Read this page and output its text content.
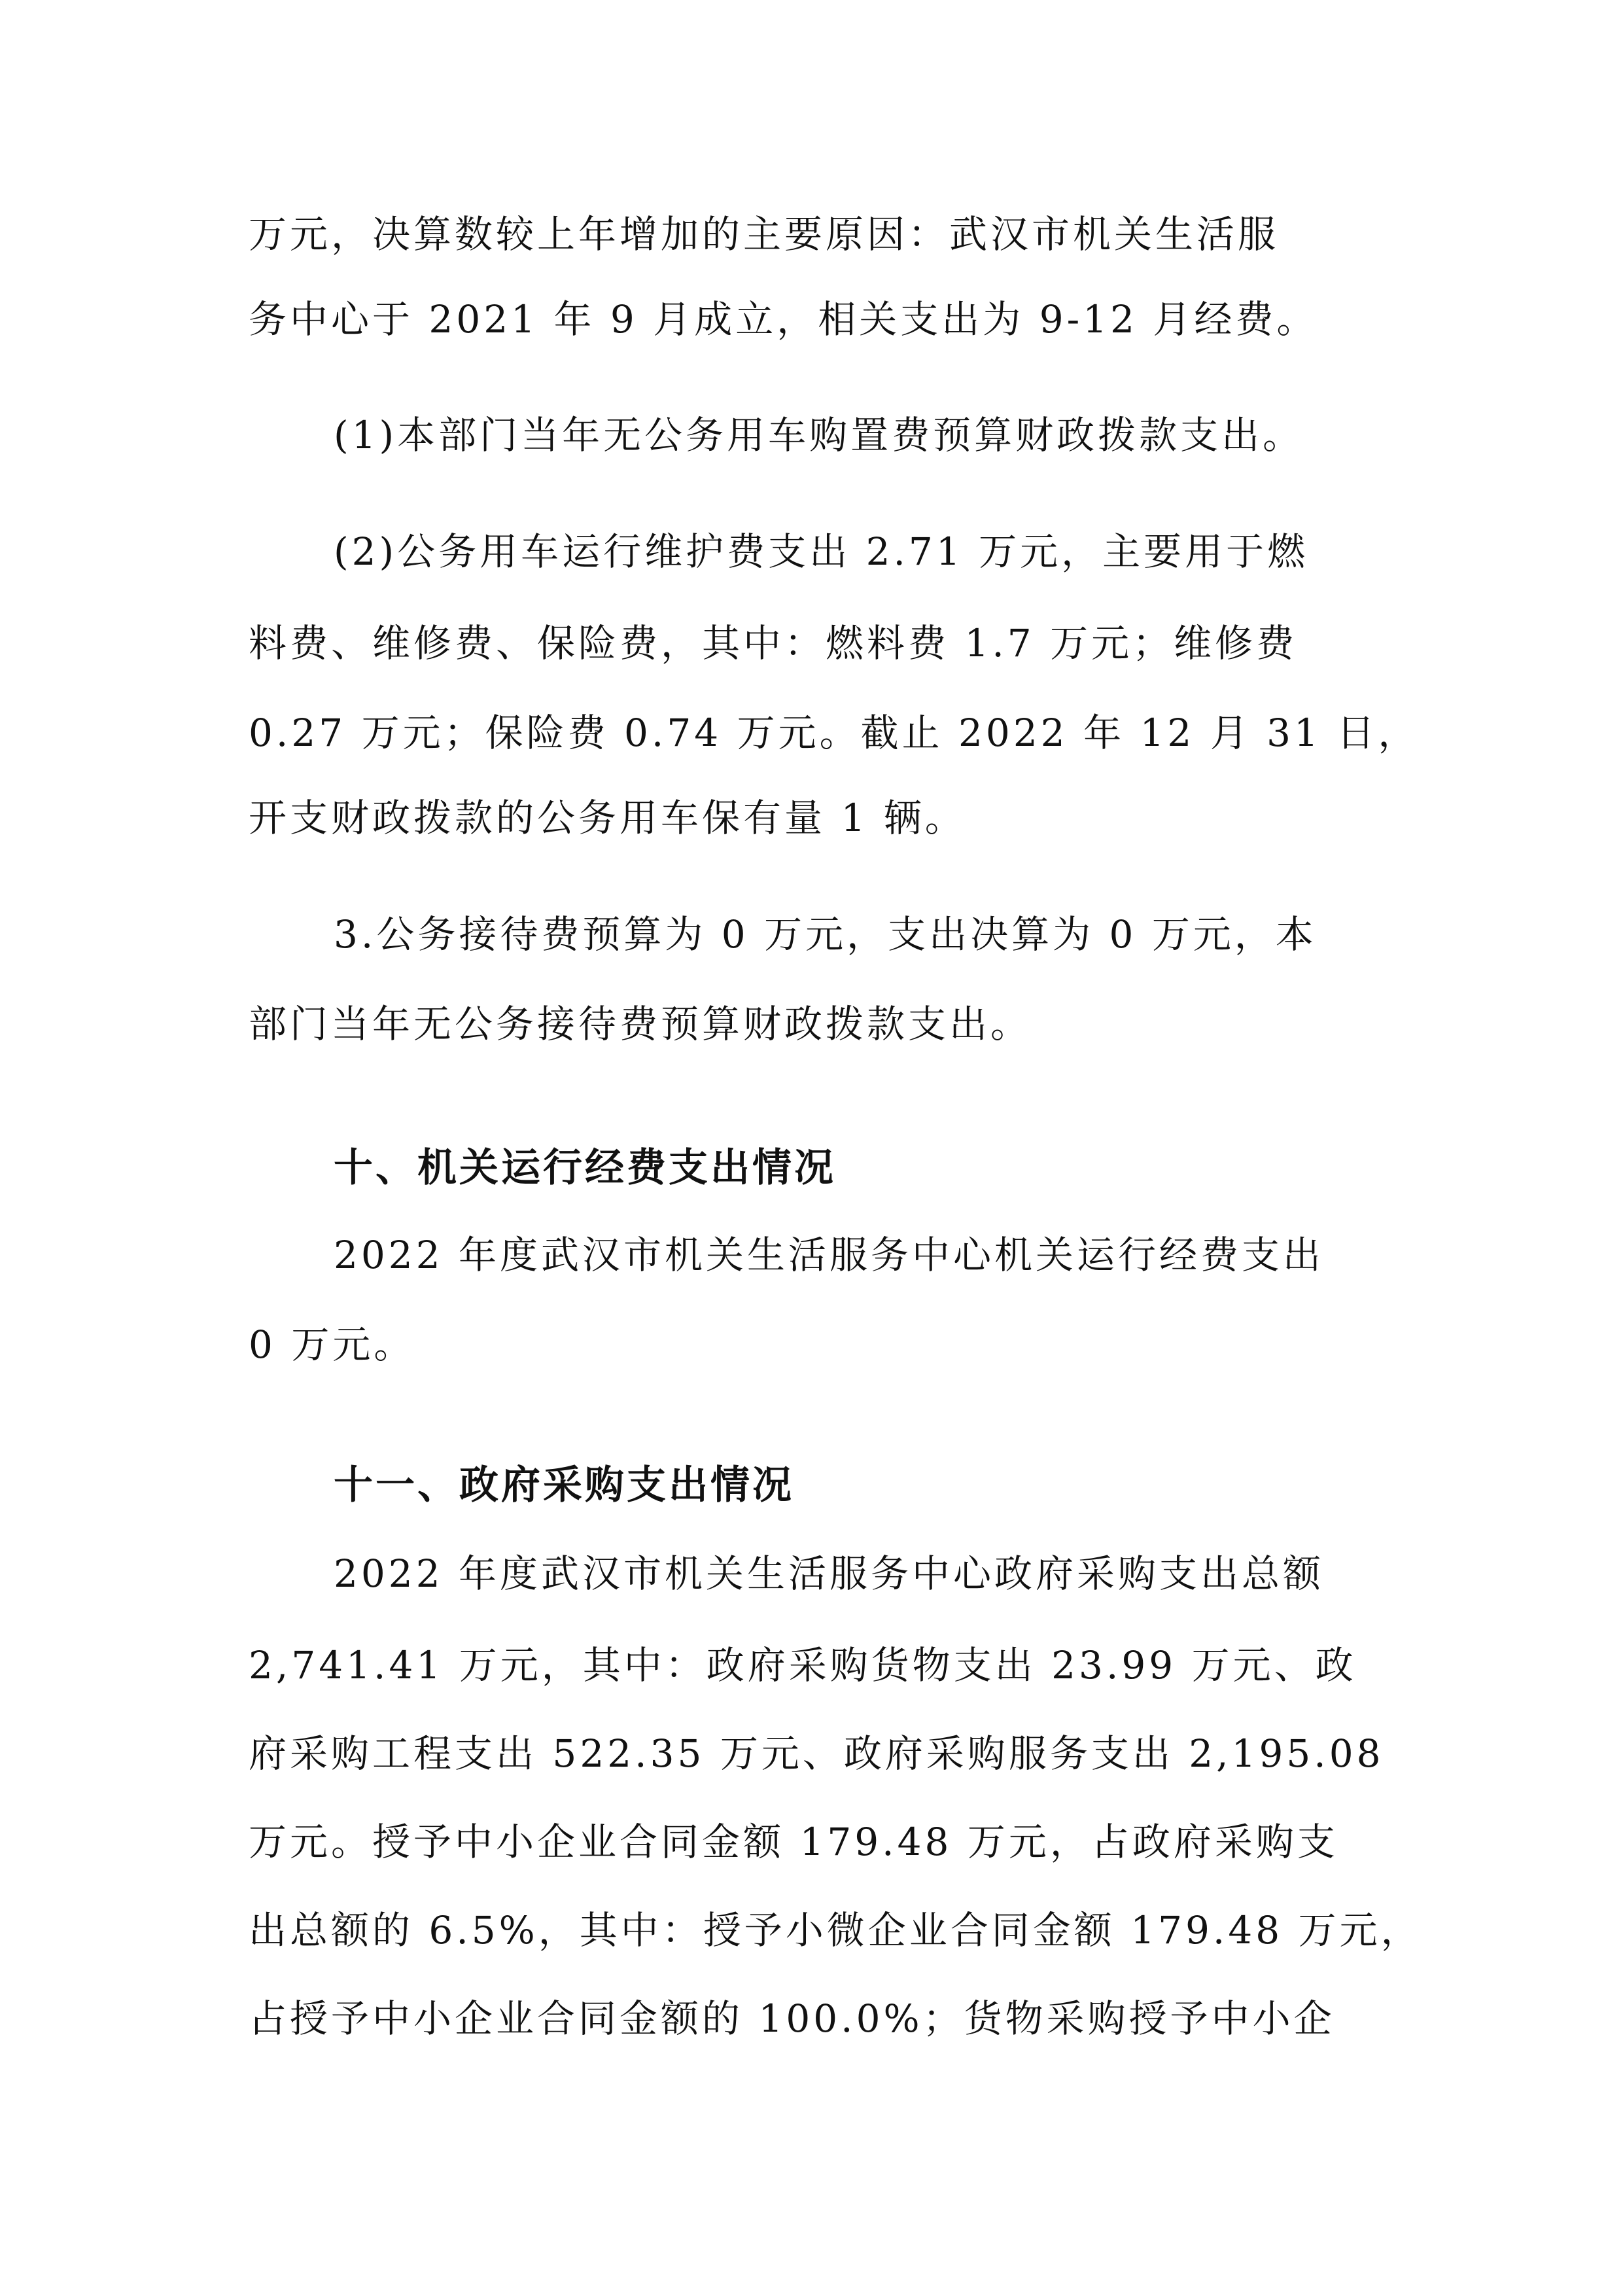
万元，决算数较上年增加的主要原因：武汉市机关生活服
务中心于 2021 年 9 月成立，相关支出为 9-12 月经费。
(1)本部门当年无公务用车购置费预算财政拨款支出。
(2)公务用车运行维护费支出 2.71 万元，主要用于燃
料费、维修费、保险费，其中：燃料费 1.7 万元；维修费
0.27 万元；保险费 0.74 万元。截止 2022 年 12 月 31 日，
开支财政拨款的公务用车保有量 1 辆。
3.公务接待费预算为 0 万元，支出决算为 0 万元，本
部门当年无公务接待费预算财政拨款支出。
十、机关运行经费支出情况
2022 年度武汉市机关生活服务中心机关运行经费支出
0 万元。
十一、政府采购支出情况
2022 年度武汉市机关生活服务中心政府采购支出总额
2,741.41 万元，其中：政府采购货物支出 23.99 万元、政
府采购工程支出 522.35 万元、政府采购服务支出 2,195.08
万元。授予中小企业合同金额 179.48 万元，占政府采购支
出总额的 6.5%，其中：授予小微企业合同金额 179.48 万元，
占授予中小企业合同金额的 100.0%；货物采购授予中小企
